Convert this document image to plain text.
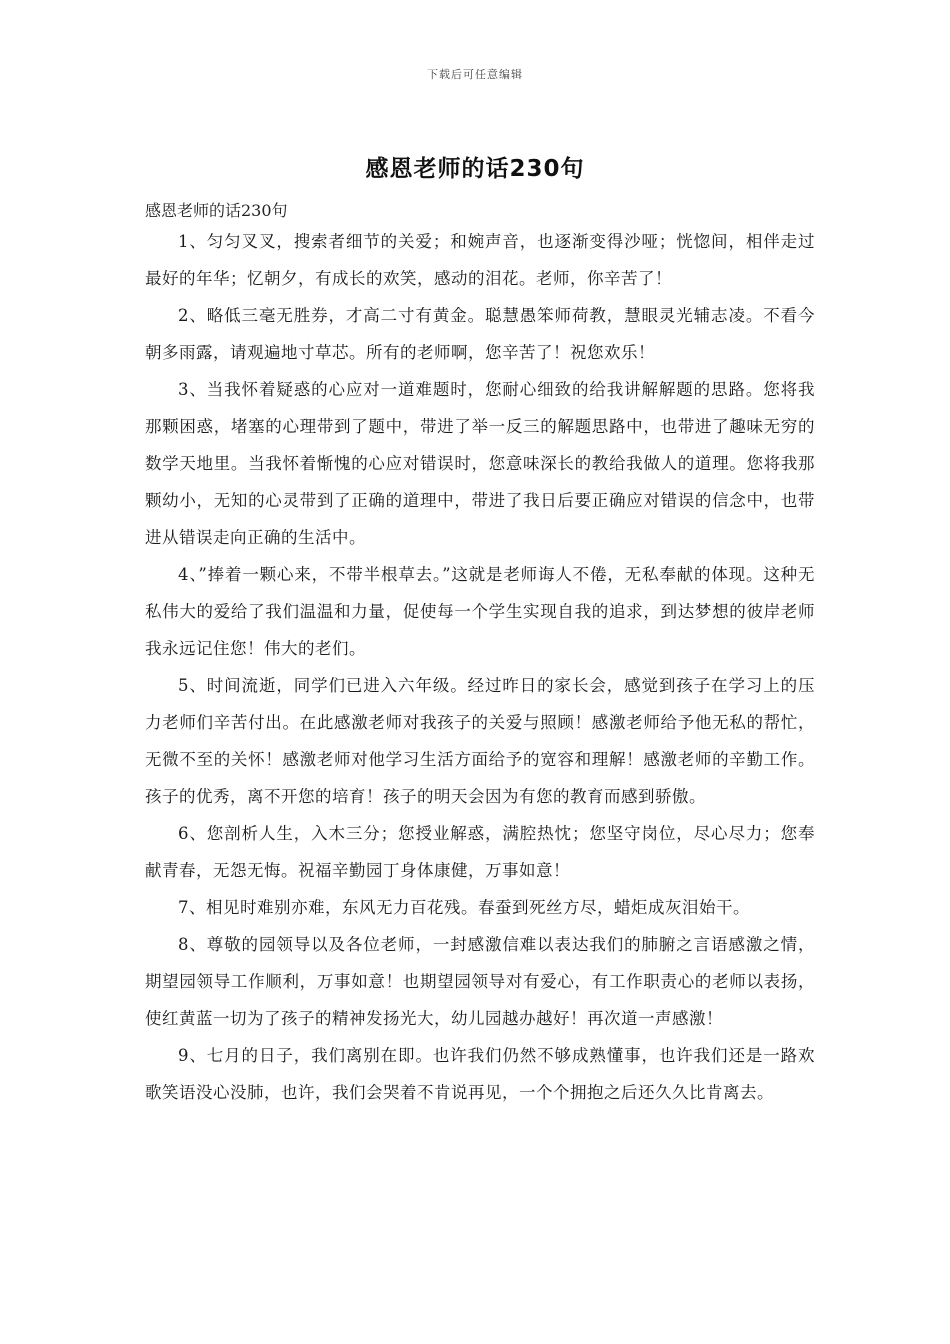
下载后可任意编辑
感恩老师的话230句
感恩老师的话230句

1、匀匀叉叉，搜索者细节的关爱；和婉声音，也逐渐变得沙哑；恍惚间，相伴走过最好的年华；忆朝夕，有成长的欢笑，感动的泪花。老师，你辛苦了！

2、略低三毫无胜券，才高二寸有黄金。聪慧愚笨师荷教，慧眼灵光辅志凌。不看今朝多雨露，请观遍地寸草芯。所有的老师啊，您辛苦了！祝您欢乐！

3、当我怀着疑惑的心应对一道难题时，您耐心细致的给我讲解解题的思路。您将我那颗困惑，堵塞的心理带到了题中，带进了举一反三的解题思路中，也带进了趣味无穷的数学天地里。当我怀着惭愧的心应对错误时，您意味深长的教给我做人的道理。您将我那颗幼小，无知的心灵带到了正确的道理中，带进了我日后要正确应对错误的信念中，也带进从错误走向正确的生活中。

4、”捧着一颗心来，不带半根草去。”这就是老师诲人不倦，无私奉献的体现。这种无私伟大的爱给了我们温温和力量，促使每一个学生实现自我的追求，到达梦想的彼岸老师我永远记住您！伟大的老们。

5、时间流逝，同学们已进入六年级。经过昨日的家长会，感觉到孩子在学习上的压力老师们辛苦付出。在此感激老师对我孩子的关爱与照顾！感激老师给予他无私的帮忙，无微不至的关怀！感激老师对他学习生活方面给予的宽容和理解！感激老师的辛勤工作。孩子的优秀，离不开您的培育！孩子的明天会因为有您的教育而感到骄傲。

6、您剖析人生，入木三分；您授业解惑，满腔热忱；您坚守岗位，尽心尽力；您奉献青春，无怨无悔。祝福辛勤园丁身体康健，万事如意！

7、相见时难别亦难，东风无力百花残。春蚕到死丝方尽，蜡炬成灰泪始干。

8、尊敬的园领导以及各位老师，一封感激信难以表达我们的肺腑之言语感激之情，期望园领导工作顺利，万事如意！也期望园领导对有爱心，有工作职责心的老师以表扬，使红黄蓝一切为了孩子的精神发扬光大，幼儿园越办越好！再次道一声感激！

9、七月的日子，我们离别在即。也许我们仍然不够成熟懂事，也许我们还是一路欢歌笑语没心没肺，也许，我们会哭着不肯说再见，一个个拥抱之后还久久比肯离去。
